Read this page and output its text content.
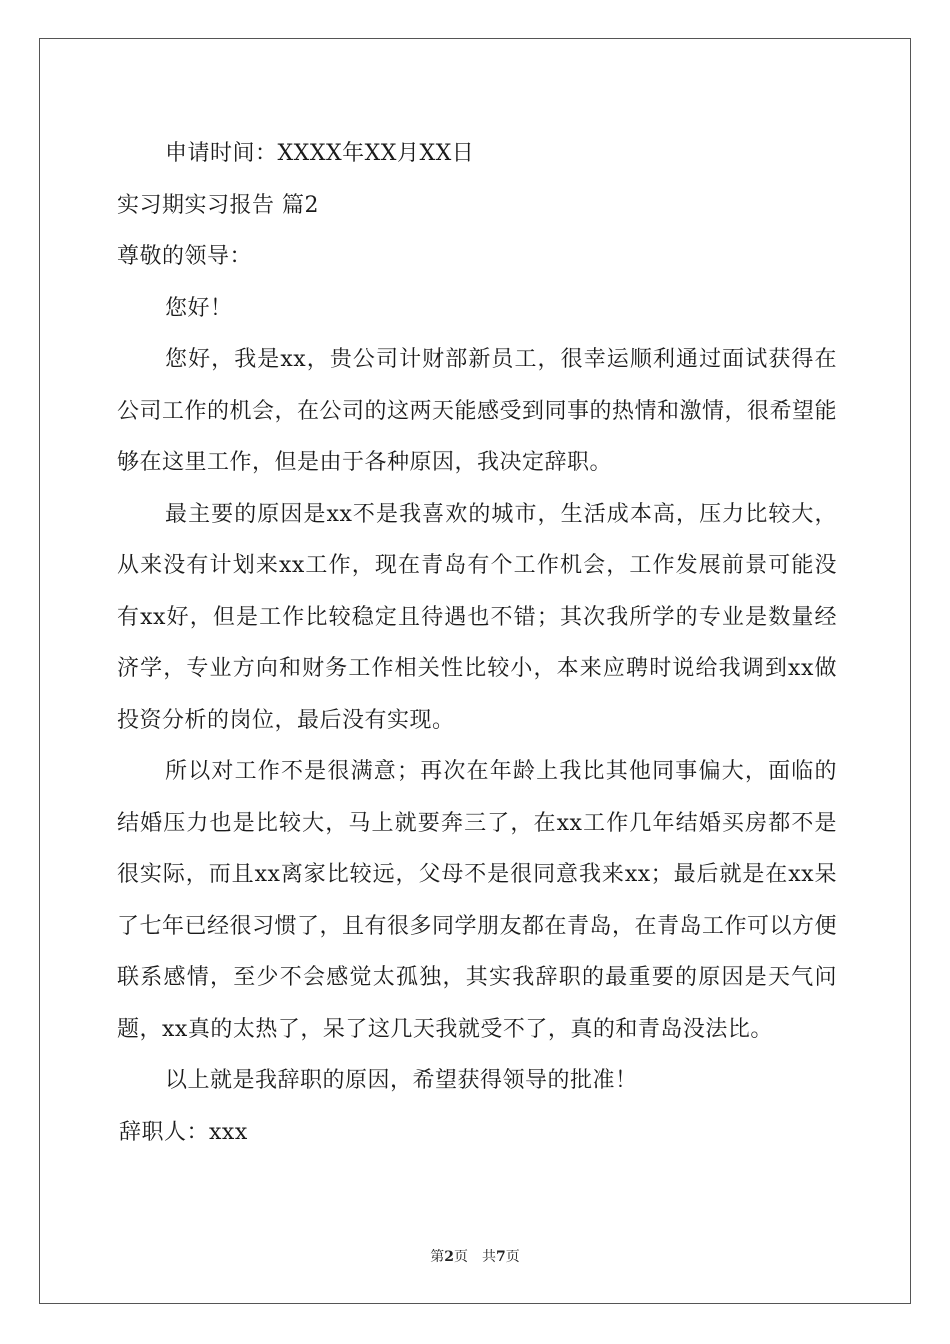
申请时间：XXXX年XX月XX日
实习期实习报告 篇2
尊敬的领导：
您好！

您好，我是xx，贵公司计财部新员工，很幸运顺利通过面试获得在公司工作的机会，在公司的这两天能感受到同事的热情和激情，很希望能够在这里工作，但是由于各种原因，我决定辞职。

最主要的原因是xx不是我喜欢的城市，生活成本高，压力比较大，从来没有计划来xx工作，现在青岛有个工作机会，工作发展前景可能没有xx好，但是工作比较稳定且待遇也不错；其次我所学的专业是数量经济学，专业方向和财务工作相关性比较小，本来应聘时说给我调到xx做投资分析的岗位，最后没有实现。

所以对工作不是很满意；再次在年龄上我比其他同事偏大，面临的结婚压力也是比较大，马上就要奔三了，在xx工作几年结婚买房都不是很实际，而且xx离家比较远，父母不是很同意我来xx；最后就是在xx呆了七年已经很习惯了，且有很多同学朋友都在青岛，在青岛工作可以方便联系感情，至少不会感觉太孤独，其实我辞职的最重要的原因是天气问题，xx真的太热了，呆了这几天我就受不了，真的和青岛没法比。

以上就是我辞职的原因，希望获得领导的批准！

辞职人：xxx
第2页　共7页
